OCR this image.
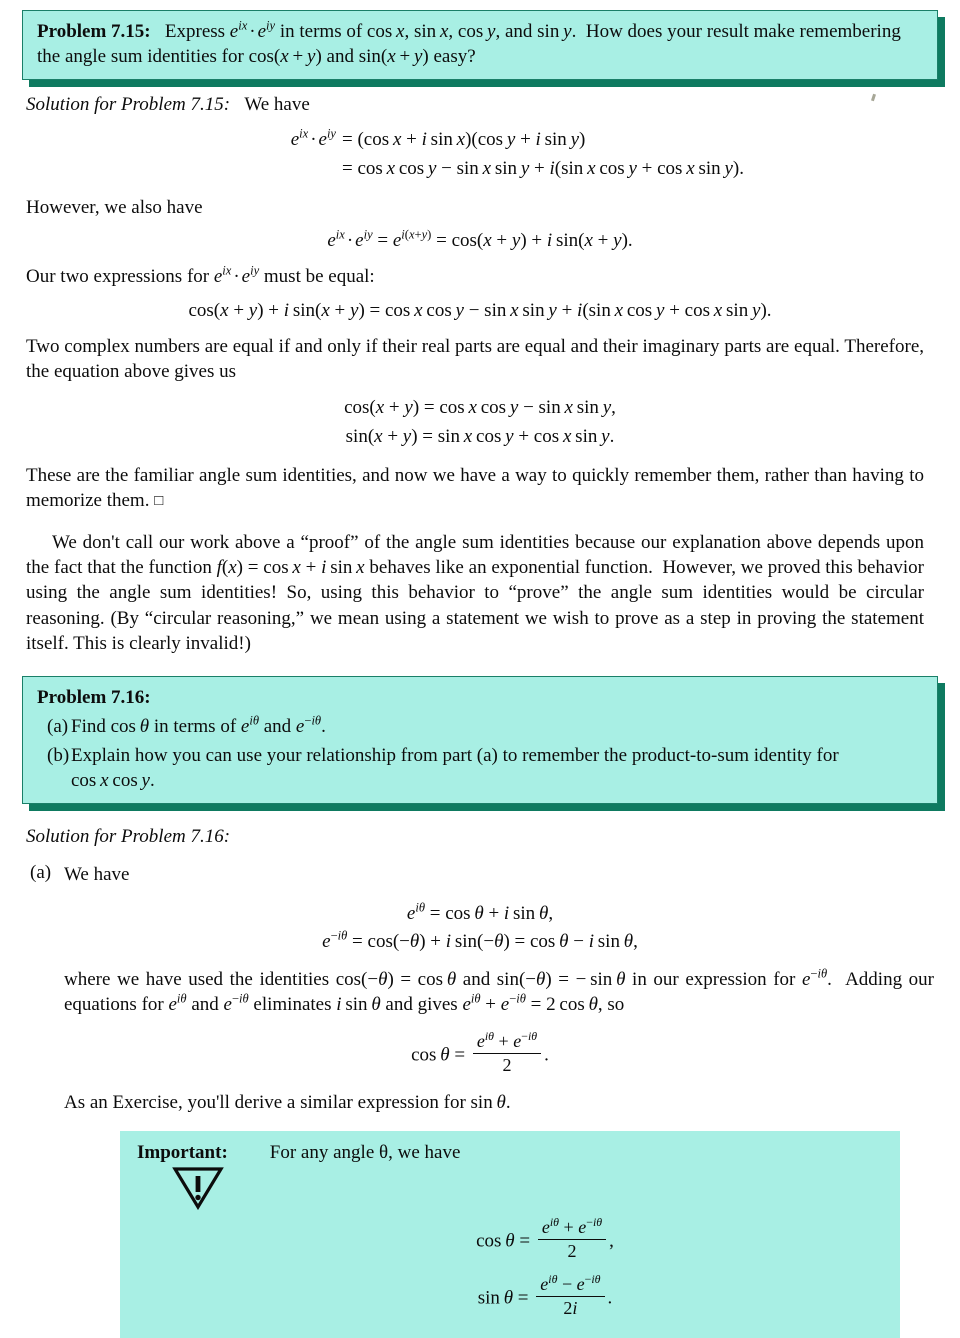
Problem 7.15:   Express $e^{ix} \cdot e^{iy}$ in terms of cos x, sin x, cos y, and sin y.  How does your result make remembering the angle sum identities for cos(x + y) and sin(x + y) easy?
Solution for Problem 7.15:   We have
$e^{ix} \cdot e^{iy} = (\cos$ x + i sin x)(cos y + i sin y)
= cos x cos y − sin x sin y + i(sin x cos y + cos x sin y).
However, we also have
$e^{ix} \cdot e^{iy} = e^{i(x+y)} = \cos(x + y) + i$ sin(x + y).
Our two expressions for $e^{ix} \cdot e^{iy}$ must be equal:
cos(x + y) + i sin(x + y) = cos x cos y − sin x sin y + i(sin x cos y + cos x sin y).
Two complex numbers are equal if and only if their real parts are equal and their imaginary parts are equal. Therefore, the equation above gives us
cos(x + y) = cos x cos y − sin x sin y,
sin(x + y) = sin x cos y + cos x sin y.
These are the familiar angle sum identities, and now we have a way to quickly remember them, rather than having to memorize them. □
We don't call our work above a “proof” of the angle sum identities because our explanation above depends upon the fact that the function f(x) = cos x + i sin x behaves like an exponential function.  However, we proved this behavior using the angle sum identities! So, using this behavior to “prove” the angle sum identities would be circular reasoning. (By “circular reasoning,” we mean using a statement we wish to prove as a step in proving the statement itself. This is clearly invalid!)
Problem 7.16:
(a) Find cos θ in terms of $e^{i\theta}$ and $e^{-i\theta}$.
(b) Explain how you can use your relationship from part (a) to remember the product-to-sum identity for
cos x cos y.
Solution for Problem 7.16:
(a) We have
$e^{i\theta} = \cos \theta + i$ sin θ,
$e^{-i\theta} = \cos(-\theta) + i$ sin(−θ) = cos θ − i sin θ,
where we have used the identities cos(−θ) = cos θ and sin(−θ) = − sin θ in our expression for $e^{-i\theta}$.  Adding our equations for $e^{i\theta}$ and $e^{-i\theta}$ eliminates i sin θ and gives $e^{i\theta} + e^{-i\theta} = 2$ cos θ, so
$\cos \theta = \frac{e^{i\theta} + e^{-i\theta}}{2}$ .
As an Exercise, you'll derive a similar expression for sin θ.
Important: For any angle θ, we have
$\cos \theta = \frac{e^{i\theta} + e^{-i\theta}}{2}$ ,
$\sin \theta = \frac{e^{i\theta} - e^{-i\theta}}{2i}$ .
